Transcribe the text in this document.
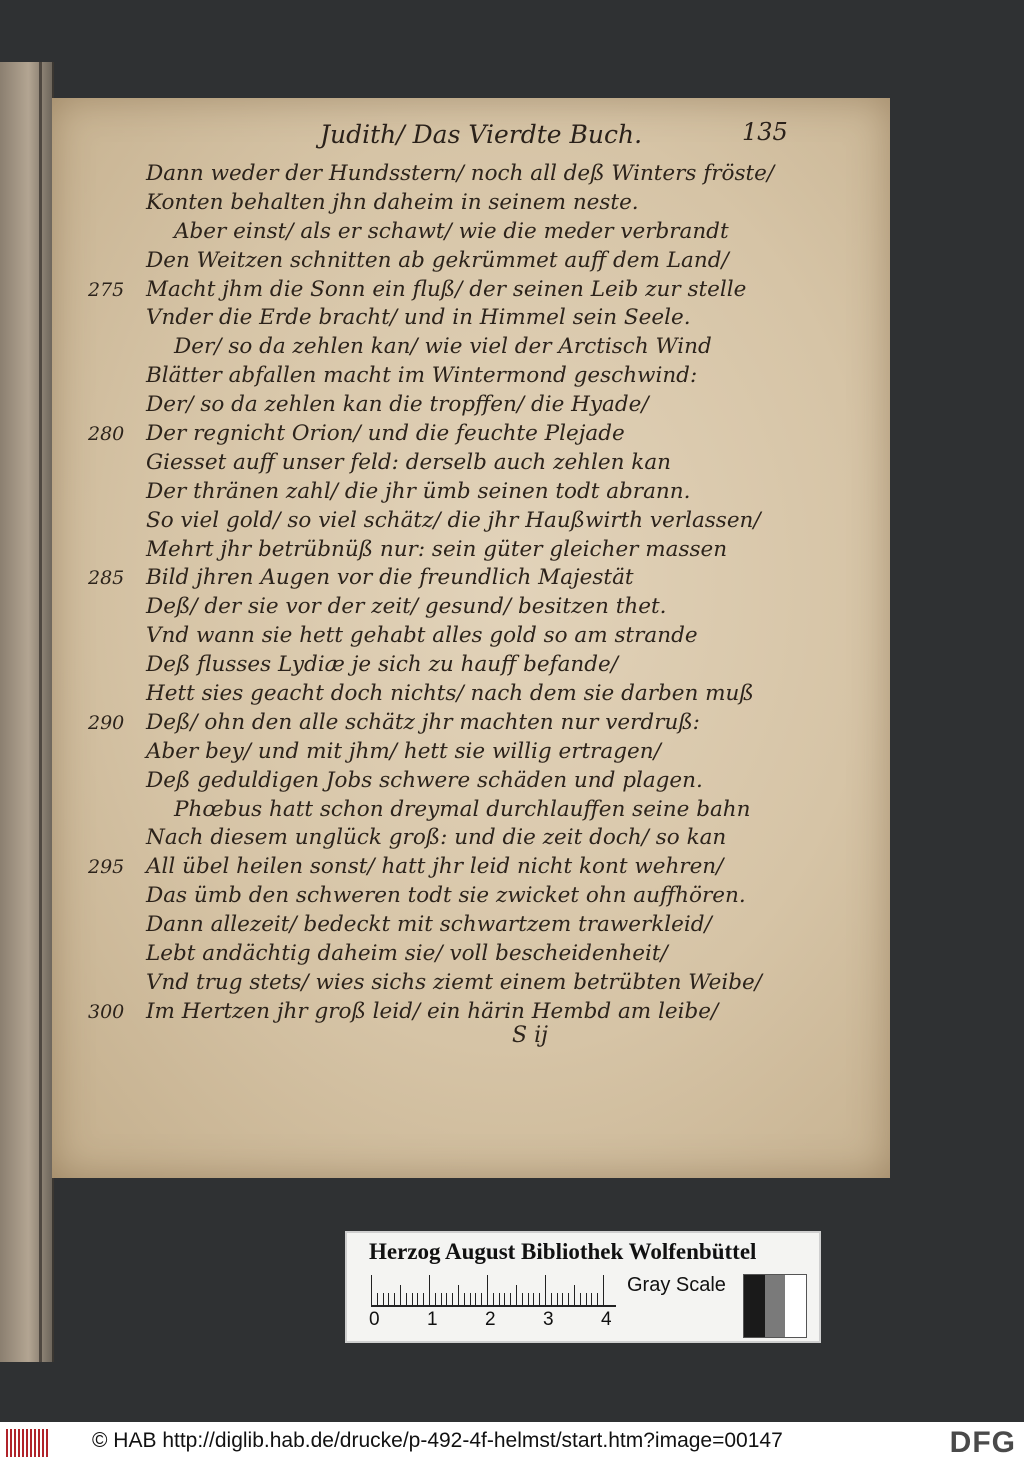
Judith/ Das Vierdte Buch.	135
Dann weder der Hundsstern/ noch all deß Winters fröste/
Konten behalten jhn daheim in seinem neste.
Aber einst/ als er schawt/ wie die meder verbrandt
Den Weitzen schnitten ab gekrümmet auff dem Land/
275 Macht jhm die Sonn ein fluß/ der seinen Leib zur stelle
Vnder die Erde bracht/ und in Himmel sein Seele.
Der/ so da zehlen kan/ wie viel der Arctisch Wind
Blätter abfallen macht im Wintermond geschwind:
Der/ so da zehlen kan die tropffen/ die Hyade/
280 Der regnicht Orion/ und die feuchte Plejade
Giesset auff unser feld: derselb auch zehlen kan
Der thränen zahl/ die jhr ümb seinen todt abrann.
So viel gold/ so viel schätz/ die jhr Haußwirth verlassen/
Mehrt jhr betrübnüß nur: sein güter gleicher massen
285 Bild jhren Augen vor die freundlich Majestät
Deß/ der sie vor der zeit/ gesund/ besitzen thet.
Vnd wann sie hett gehabt alles gold so am strande
Deß flusses Lydiæ je sich zu hauff befande/
Hett sies geacht doch nichts/ nach dem sie darben muß
290 Deß/ ohn den alle schätz jhr machten nur verdruß:
Aber bey/ und mit jhm/ hett sie willig ertragen/
Deß geduldigen Jobs schwere schäden und plagen.
Phœbus hatt schon dreymal durchlauffen seine bahn
Nach diesem unglück groß: und die zeit doch/ so kan
295 All übel heilen sonst/ hatt jhr leid nicht kont wehren/
Das ümb den schweren todt sie zwicket ohn auffhören.
Dann allezeit/ bedeckt mit schwartzem trawerkleid/
Lebt andächtig daheim sie/ voll bescheidenheit/
Vnd trug stets/ wies sichs ziemt einem betrübten Weibe/
300 Im Hertzen jhr groß leid/ ein härin Hembd am leibe/
S ij
Herzog August Bibliothek Wolfenbüttel
0 1 2 3 4
Gray Scale
© HAB http://diglib.hab.de/drucke/p-492-4f-helmst/start.htm?image=00147	DFG
